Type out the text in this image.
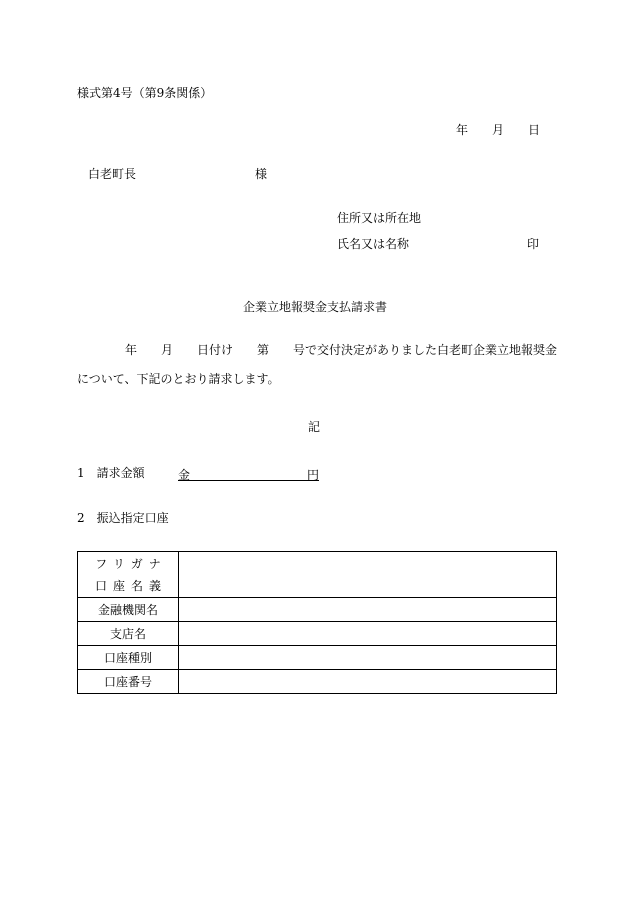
様式第4号（第9条関係）
年　　月　　日
白老町長	様
住所又は所在地
氏名又は名称	印
企業立地報奨金支払請求書
年　　月　　日付け　　第　　号で交付決定がありました白老町企業立地報奨金
について、下記のとおり請求します。
記
1　請求金額	金	円
2　振込指定口座
フリガナ
口座名義	

金融機関名	
支店名	
口座種別	
口座番号	
